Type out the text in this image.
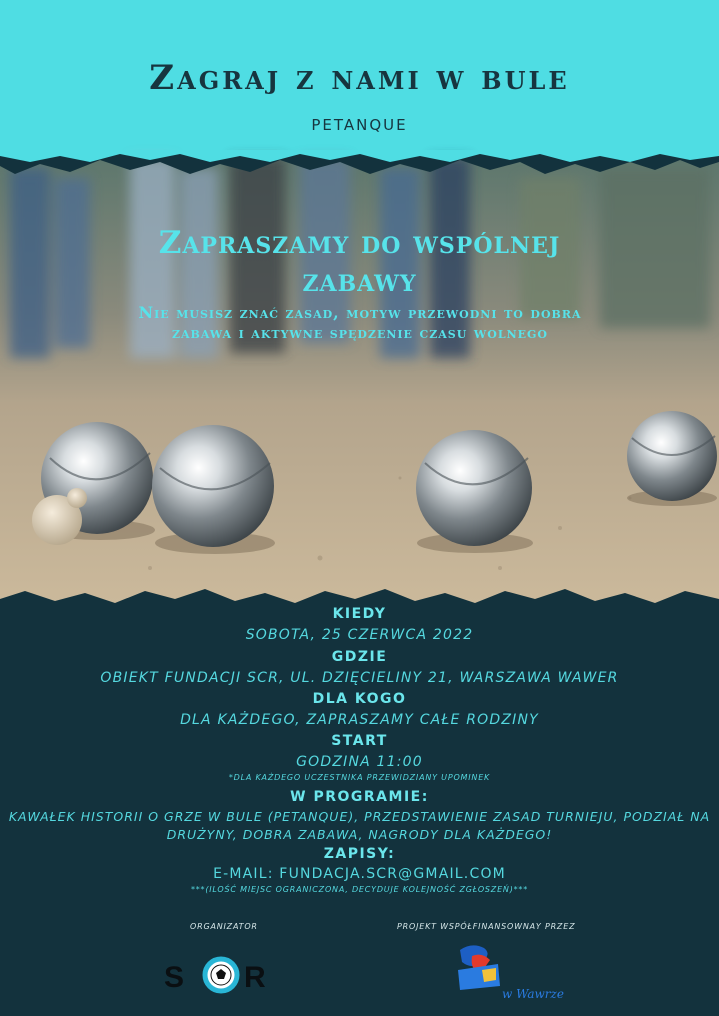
Zagraj z nami w bule
PETANQUE
Zapraszamy do wspólnej
zabawy
Nie musisz znać zasad, motyw przewodni to dobra
zabawa i aktywne spędzenie czasu wolnego
KIEDY
SOBOTA, 25 CZERWCA 2022
GDZIE
OBIEKT FUNDACJI SCR, UL. DZIĘCIELINY 21, WARSZAWA WAWER
DLA KOGO
DLA KAŻDEGO, ZAPRASZAMY CAŁE RODZINY
START
GODZINA 11:00
*DLA KAŻDEGO UCZESTNIKA PRZEWIDZIANY UPOMINEK
W PROGRAMIE:
KAWAŁEK HISTORII O GRZE W BULE (PETANQUE), PRZEDSTAWIENIE ZASAD TURNIEJU, PODZIAŁ NA
DRUŻYNY, DOBRA ZABAWA, NAGRODY DLA KAŻDEGO!
ZAPISY:
E-MAIL: FUNDACJA.SCR@GMAIL.COM
***(ILOŚĆ MIEJSC OGRANICZONA, DECYDUJE KOLEJNOŚĆ ZGŁOSZEŃ)***
ORGANIZATOR	PROJEKT WSPÓŁFINANSOWNAY PRZEZ
S R	w Wawrze
